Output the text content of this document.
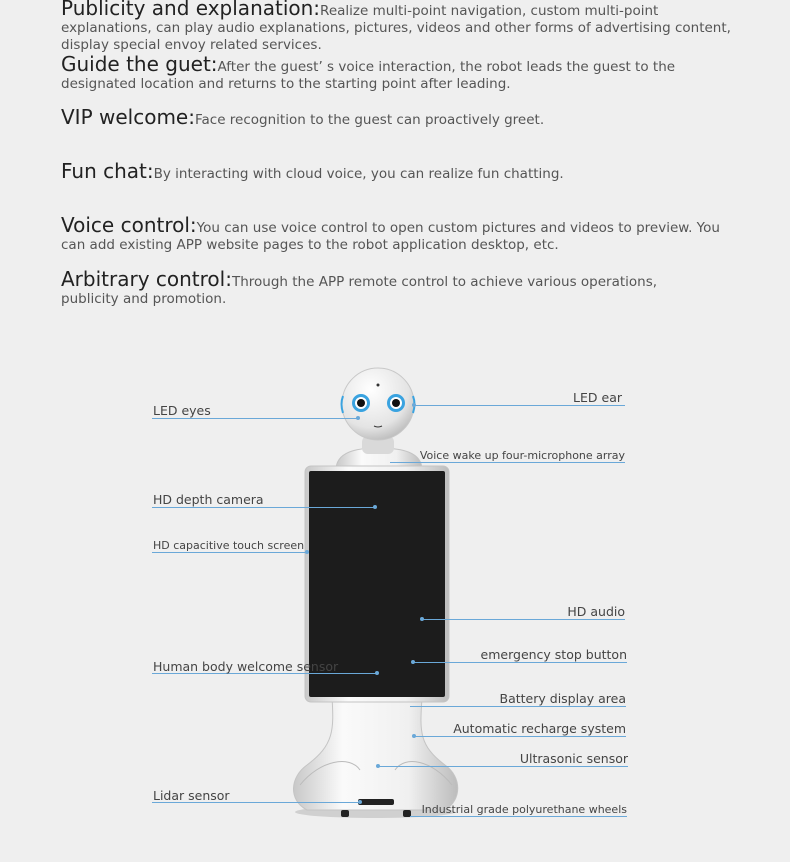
Publicity and explanation:Realize multi-point navigation, custom multi-point explanations, can play audio explanations, pictures, videos and other forms of advertising content, display special envoy related services.
Guide the guet:After the guest’ s voice interaction, the robot leads the guest to the designated location and returns to the starting point after leading.
VIP welcome:Face recognition to the guest can proactively greet.
Fun chat:By interacting with cloud voice, you can realize fun chatting.
Voice control:You can use voice control to open custom pictures and videos to preview. You can add existing APP website pages to the robot application desktop, etc.
Arbitrary control:Through the APP remote control to achieve various operations, publicity and promotion.
LED eyes
LED ear
Voice wake up four-microphone array
HD depth camera
HD capacitive touch screen
HD audio
Human body welcome sensor
emergency stop button
Battery display area
Automatic recharge system
Ultrasonic sensor
Lidar sensor
Industrial grade polyurethane wheels
